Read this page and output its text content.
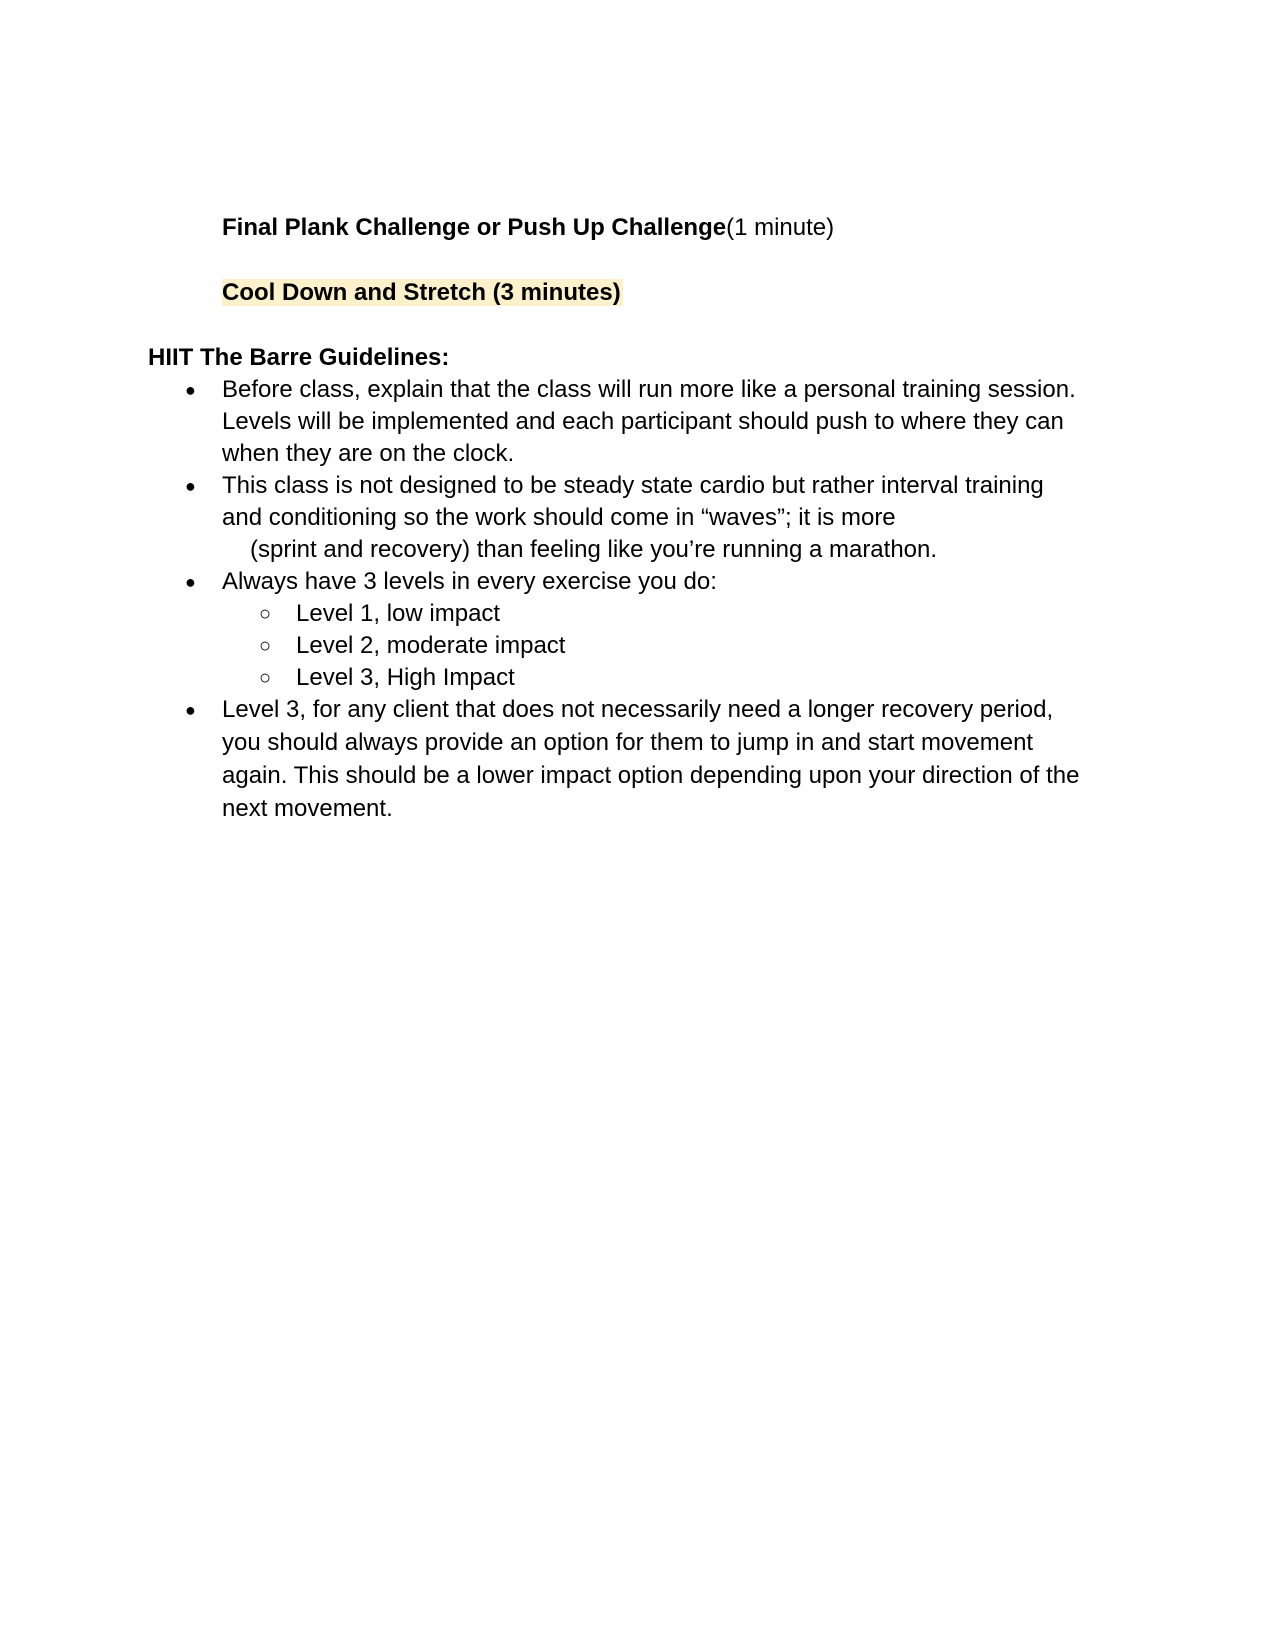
Final Plank Challenge or Push Up Challenge(1 minute)
Cool Down and Stretch (3 minutes)
HIIT The Barre Guidelines:
● Before class, explain that the class will run more like a personal training session.
Levels will be implemented and each participant should push to where they can
when they are on the clock.
● This class is not designed to be steady state cardio but rather interval training
and conditioning so the work should come in “waves”; it is more
(sprint and recovery) than feeling like you’re running a marathon.
● Always have 3 levels in every exercise you do:
○ Level 1, low impact
○ Level 2, moderate impact
○ Level 3, High Impact
● Level 3, for any client that does not necessarily need a longer recovery period,
you should always provide an option for them to jump in and start movement
again. This should be a lower impact option depending upon your direction of the
next movement.
